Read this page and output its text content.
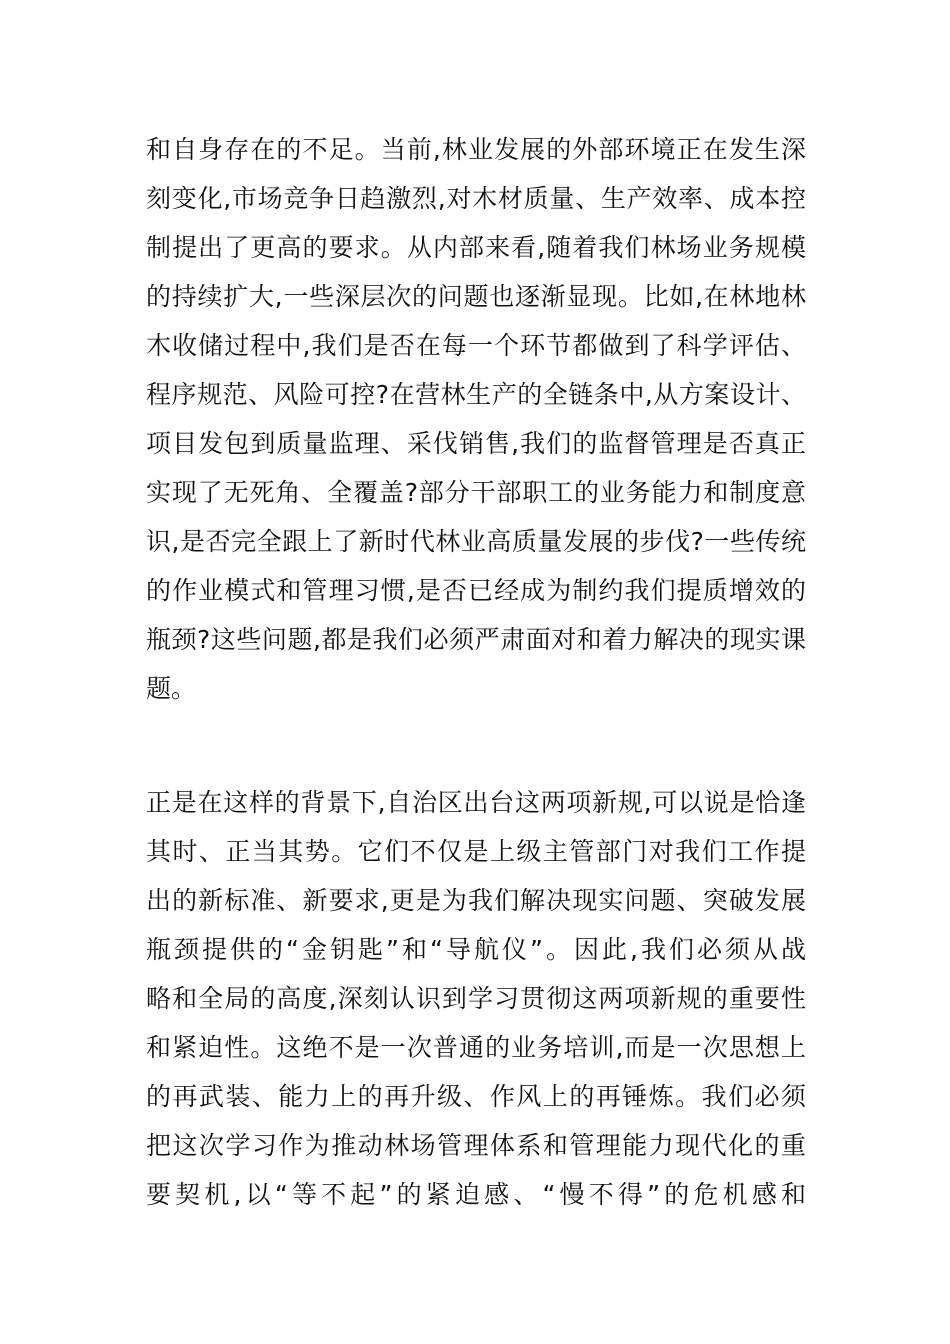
和自身存在的不足。当前,林业发展的外部环境正在发生深
刻变化,市场竞争日趋激烈,对木材质量、生产效率、成本控
制提出了更高的要求。从内部来看,随着我们林场业务规模
的持续扩大,一些深层次的问题也逐渐显现。比如,在林地林
木收储过程中,我们是否在每一个环节都做到了科学评估、
程序规范、风险可控?在营林生产的全链条中,从方案设计、
项目发包到质量监理、采伐销售,我们的监督管理是否真正
实现了无死角、全覆盖?部分干部职工的业务能力和制度意
识,是否完全跟上了新时代林业高质量发展的步伐?一些传统
的作业模式和管理习惯,是否已经成为制约我们提质增效的
瓶颈?这些问题,都是我们必须严肃面对和着力解决的现实课
题。
正是在这样的背景下,自治区出台这两项新规,可以说是恰逢
其时、正当其势。它们不仅是上级主管部门对我们工作提
出的新标准、新要求,更是为我们解决现实问题、突破发展
瓶颈提供的“金钥匙”和“导航仪”。因此,我们必须从战
略和全局的高度,深刻认识到学习贯彻这两项新规的重要性
和紧迫性。这绝不是一次普通的业务培训,而是一次思想上
的再武装、能力上的再升级、作风上的再锤炼。我们必须
把这次学习作为推动林场管理体系和管理能力现代化的重
要契机,以“等不起”的紧迫感、“慢不得”的危机感和
